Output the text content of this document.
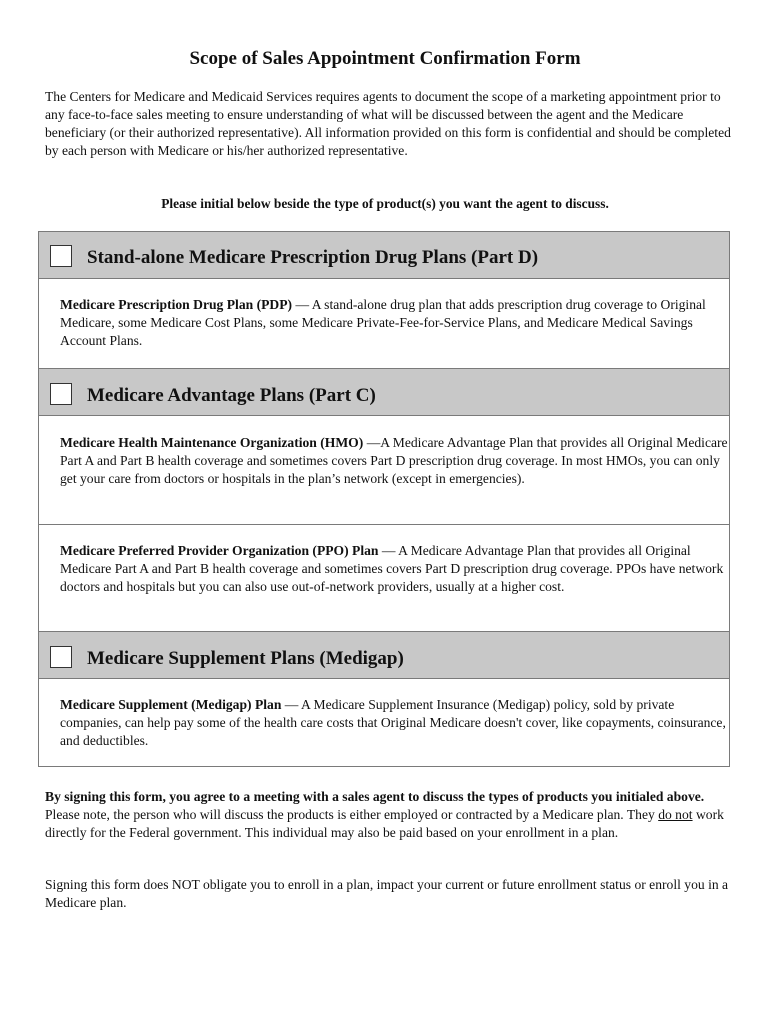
Scope of Sales Appointment Confirmation Form
The Centers for Medicare and Medicaid Services requires agents to document the scope of a marketing appointment prior to any face-to-face sales meeting to ensure understanding of what will be discussed between the agent and the Medicare beneficiary (or their authorized representative). All information provided on this form is confidential and should be completed by each person with Medicare or his/her authorized representative.
Please initial below beside the type of product(s) you want the agent to discuss.
Stand-alone Medicare Prescription Drug Plans (Part D)
Medicare Prescription Drug Plan (PDP) — A stand-alone drug plan that adds prescription drug coverage to Original Medicare, some Medicare Cost Plans, some Medicare Private-Fee-for-Service Plans, and Medicare Medical Savings Account Plans.
Medicare Advantage Plans (Part C)
Medicare Health Maintenance Organization (HMO) —A Medicare Advantage Plan that provides all Original Medicare Part A and Part B health coverage and sometimes covers Part D prescription drug coverage. In most HMOs, you can only
get your care from doctors or hospitals in the plan’s network (except in emergencies).
Medicare Preferred Provider Organization (PPO) Plan — A Medicare Advantage Plan that provides all Original Medicare Part A and Part B health coverage and sometimes covers Part D prescription drug coverage. PPOs have network doctors and hospitals but you can also use out-of-network providers, usually at a higher cost.
Medicare Supplement Plans (Medigap)
Medicare Supplement (Medigap) Plan — A Medicare Supplement Insurance (Medigap) policy, sold by private companies, can help pay some of the health care costs that Original Medicare doesn't cover, like copayments, coinsurance, and deductibles.
By signing this form, you agree to a meeting with a sales agent to discuss the types of products you initialed above. Please note, the person who will discuss the products is either employed or contracted by a Medicare plan. They do not work directly for the Federal government. This individual may also be paid based on your enrollment in a plan.
Signing this form does NOT obligate you to enroll in a plan, impact your current or future enrollment status or enroll you in a Medicare plan.
